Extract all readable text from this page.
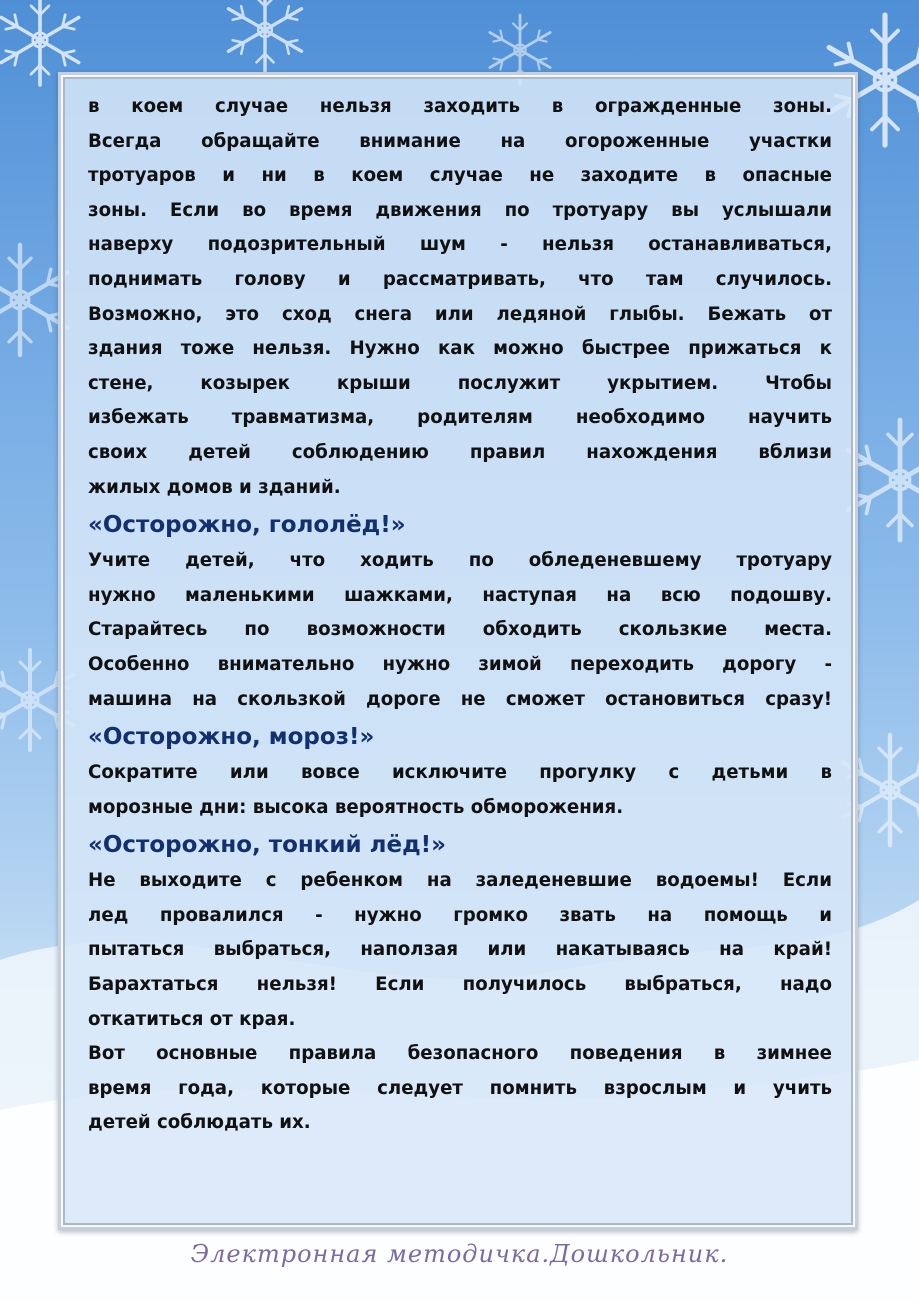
в коем случае нельзя заходить в огражденные зоны.
Всегда обращайте внимание на огороженные участки
тротуаров и ни в коем случае не заходите в опасные
зоны. Если во время движения по тротуару вы услышали
наверху подозрительный шум - нельзя останавливаться,
поднимать голову и рассматривать, что там случилось.
Возможно, это сход снега или ледяной глыбы. Бежать от
здания тоже нельзя. Нужно как можно быстрее прижаться к
стене, козырек крыши послужит укрытием. Чтобы
избежать травматизма, родителям необходимо научить
своих детей соблюдению правил нахождения вблизи
жилых домов и зданий.
«Осторожно, гололёд!»
Учите детей, что ходить по обледеневшему тротуару
нужно маленькими шажками, наступая на всю подошву.
Старайтесь по возможности обходить скользкие места.
Особенно внимательно нужно зимой переходить дорогу -
машина на скользкой дороге не сможет остановиться сразу!
«Осторожно, мороз!»
Сократите или вовсе исключите прогулку с детьми в
морозные дни: высока вероятность обморожения.
«Осторожно, тонкий лёд!»
Не выходите с ребенком на заледеневшие водоемы! Если
лед провалился - нужно громко звать на помощь и
пытаться выбраться, наползая или накатываясь на край!
Барахтаться нельзя! Если получилось выбраться, надо
откатиться от края.
Вот основные правила безопасного поведения в зимнее
время года, которые следует помнить взрослым и учить
детей соблюдать их.
Электронная методичка.Дошкольник.
